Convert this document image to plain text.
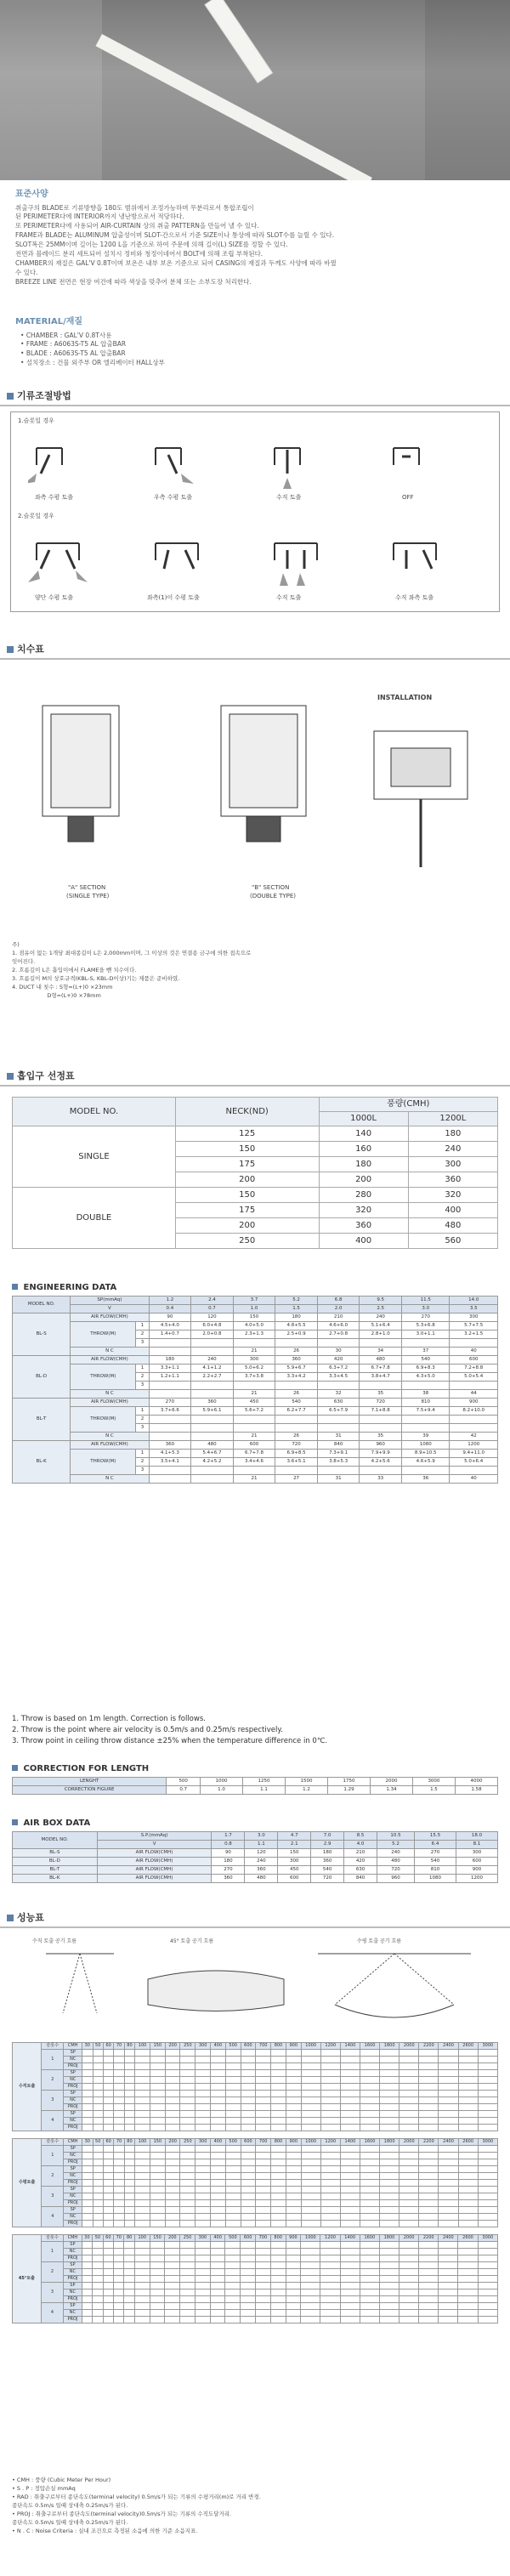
표준사양
취출구의 BLADE로 기류방향을 180도 범위에서 조정가능하며 무분리로서 통합조립이
된 PERIMETER다에 INTERIOR까지 냉난방으로서 적당하다.
또 PERIMETER다에 사용되어 AIR-CURTAIN 상의 취출 PATTERN을 만들어 낼 수 있다.
FRAME과 BLADE는 ALUMINUM 압출성이며 SLOT-간으로서 기준 SIZE이나 통상에 따라 SLOT수를 늘릴 수 있다.
SLOT폭은 25MM이며 길이는 1200 L을 기준으로 하여 주문에 의해 길이(L) SIZE를 정할 수 있다.
전면과 블레이드 분리 세트되어 설치시 정비와 청정이네어서 BOLT에 의해 조립 부착된다.
CHAMBER의 재질은 GAL'V 0.8T이며 보온은 내부 보온 기준으로 되어 CASING의 재질과 두께도 사양에 따라 바뀔
수 있다.
BREEZE LINE 전면은 현장 여건에 따라 색상을 맞추어 분체 또는 소부도장 처리한다.
MATERIAL/재질
• CHAMBER : GAL'V 0.8T사용
• FRAME : A6063S-T5 AL 압출BAR
• BLADE : A6063S-T5 AL 압출BAR
• 설치장소 : 건물 외주부 OR 엘리베이터 HALL상부
기류조절방법
1.슬롯일 경우
좌측 수평 토출	우측 수평 토출	수직 토출	OFF
2.슬롯일 경우
양단 수평 토출	좌측(1)이 수평 토출	수직 토출	수직 좌측 토출
치수표
INSTALLATION
"A" SECTION
(SINGLE TYPE)
"B" SECTION
(DOUBLE TYPE)
주)
1. 점유이 없는 1개당 최대종길이 L은 2,000mm이며, 그 이상의 것은 연결용 금구에 의한 접속으로
잇어진다.
2. 흐름깊이 L은 흡입이에서 FLAME을 뺀 치수이다.
3. 흐름길이 M의 상호규격(KBL-S, KBL-D이상)기는 제품은 준비하였.
4. DUCT 내 칫수 : S형=(L+)0 ×23mm
D형=(L+)0 ×78mm
흡입구 선정표
MODEL NO.	NECK(ND)	풍량(CMH)	
		1000L	1200L
SINGLE	125	140	180
	150	160	240
	175	180	300
	200	200	360
DOUBLE	150	280	320
	175	320	400
	200	360	480
	250	400	560
ENGINEERING DATA
MODEL NO.	SP(mmAq)		1.2	2.4	3.7	5.2	6.8	9.5	11.5	14.0
	V		0.4	0.7	1.0	1.5	2.0	2.5	3.0	3.5
BL-S	AIR FLOW(CMH)		90	120	150	180	210	240	270	300
	THROW(M)	1	4.5+4.0	6.0+4.8	4.0+5.0	4.8+5.5	4.6+6.0	5.1+6.4	5.3+6.8	5.7+7.5
		2	1.4+0.7	2.0+0.8	2.3+1.3	2.5+0.9	2.7+0.8	2.8+1.0	3.0+1.1	3.2+1.5
		3								
	N C				21	26	30	34	37	40
BL-D	AIR FLOW(CMH)		180	240	300	360	420	480	540	600
	THROW(M)	1	3.3+1.1	4.1+1.2	5.0+6.2	5.9+6.7	6.3+7.2	6.7+7.8	6.9+8.3	7.2+8.8
		2	1.2+1.1	2.2+2.7	3.7+3.8	3.3+4.2	3.3+4.5	3.8+4.7	4.3+5.0	5.0+5.4
		3								
	N C				21	26	32	35	38	44
BL-T	AIR FLOW(CMH)		270	360	450	540	630	720	810	900
	THROW(M)	1	3.7+6.6	5.9+6.1	5.6+7.2	6.2+7.7	6.5+7.9	7.1+8.8	7.5+9.4	8.2+10.0
		2								
		3								
	N C				21	26	31	35	39	42
BL-K	AIR FLOW(CMH)		360	480	600	720	840	960	1080	1200
	THROW(M)	1	4.1+5.3	5.4+6.7	6.7+7.8	6.9+8.5	7.3+9.1	7.9+9.9	8.9+10.5	9.4+11.0
		2	3.5+4.1	4.2+5.2	3.4+4.6	3.6+5.1	3.8+5.3	4.2+5.6	4.6+5.9	5.0+6.4
		3								
	N C				21	27	31	33	36	40
1. Throw is based on 1m length. Correction is follows.
2. Throw is the point where air velocity is 0.5m/s and 0.25m/s respectively.
3. Throw point in ceiling throw distance ±25% when the temperature difference in 0℃.
CORRECTION FOR LENGTH
LENGHT	500	1000	1250	1500	1750	2000	3000	4000
CORRECTION FIGURE	0.7	1.0	1.1	1.2	1.29	1.34	1.5	1.58
AIR BOX DATA
MODEL NO.	S.P.(mmAq)	1.7	3.0	4.7	7.0	8.5	10.5	15.5	18.0
	V	0.8	1.1	2.1	2.9	4.0	5.2	6.4	8.1
BL-S	AIR FLOW(CMH)	90	120	150	180	210	240	270	300
BL-D	AIR FLOW(CMH)	180	240	300	360	420	480	540	600
BL-T	AIR FLOW(CMH)	270	360	450	540	630	720	810	900
BL-K	AIR FLOW(CMH)	360	480	600	720	840	960	1080	1200
성능표
수직 토출 공기 흐름	45° 토출 공기 흐름	수평 토출 공기 흐름
수직토출	슬롯수	CMH	30	50	60	70	80	100	150	200	250	300	400	500	600	700	800	900	1000	1200	1400	1600	1800	2000	2200	2400	2600	3000
	1	SP																										
		NC																										
		PROJ																										
	2	SP																										
		NC																										
		PROJ																										
	3	SP																										
		NC																										
		PROJ																										
	4	SP																										
		NC																										
		PROJ																										
수평토출	슬롯수	CMH	30	50	60	70	80	100	150	200	250	300	400	500	600	700	800	900	1000	1200	1400	1600	1800	2000	2200	2400	2600	3000
	1	SP																										
		NC																										
		PROJ																										
	2	SP																										
		NC																										
		PROJ																										
	3	SP																										
		NC																										
		PROJ																										
	4	SP																										
		NC																										
		PROJ																										
45°토출	슬롯수	CMH	30	50	60	70	80	100	150	200	250	300	400	500	600	700	800	900	1000	1200	1400	1600	1800	2000	2200	2400	2600	3000
	1	SP																										
		NC																										
		PROJ																										
	2	SP																										
		NC																										
		PROJ																										
	3	SP																										
		NC																										
		PROJ																										
	4	SP																										
		NC																										
		PROJ																										
• CMH : 풍량 (Cubic Meter Per Hour)
• S . P : 정압손실 mmAq
• RAD : 취출구로부터 종단속도(terminal velocity) 0.5m/s가 되는 기류의 수평거리(m)로 거리 반경.
종단속도 0.5m/s 일때 상대축 0.25m/s가 된다.
• PROJ : 취출구로부터 종단속도(terminal velocity)0.5m/s가 되는 기류의 수직도달거리.
종단속도 0.5m/s 일때 상대축 0.25m/s가 된다.
• N . C : Noise Criteria : 실내 조건으로 측정된 소음에 의한 기준 소음지표.
